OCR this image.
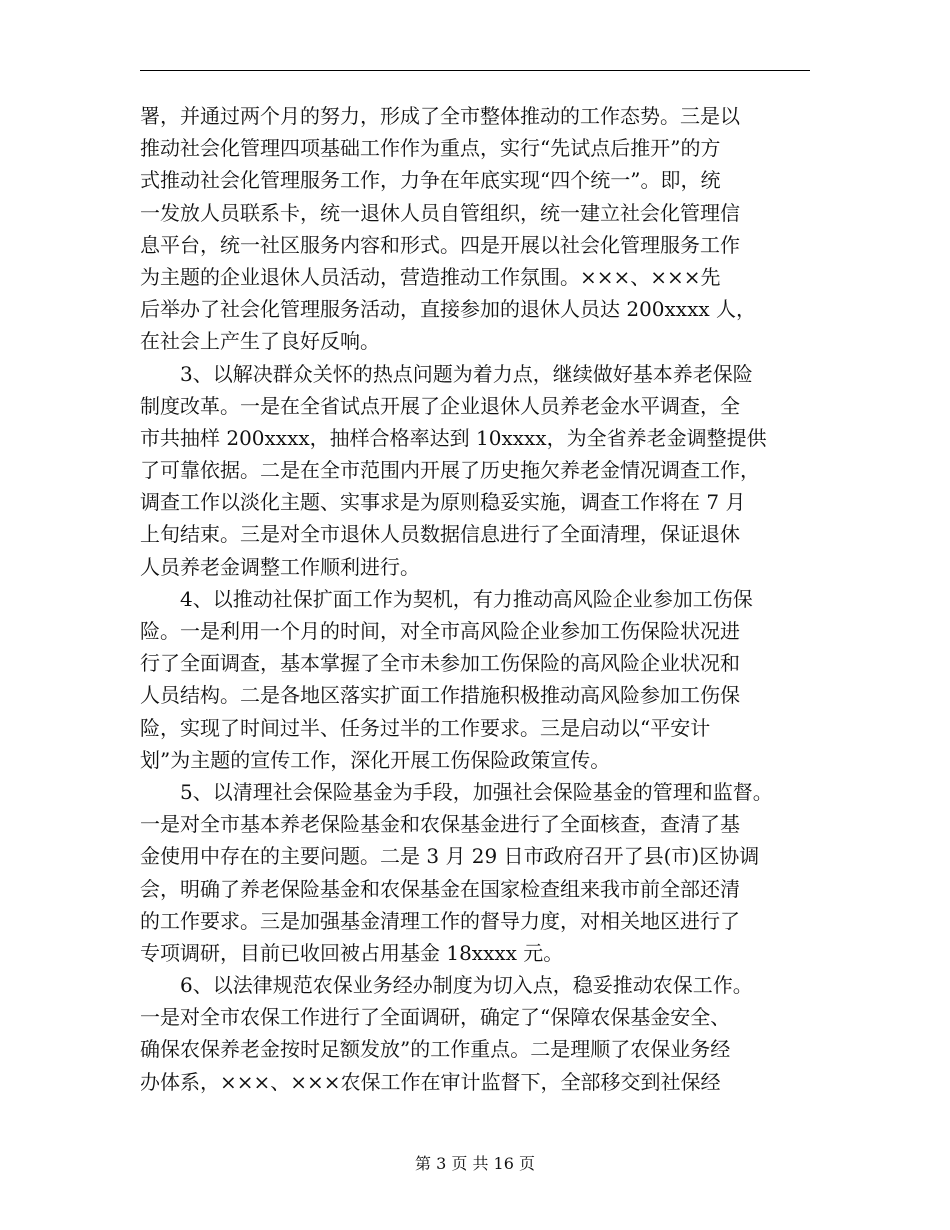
署，并通过两个月的努力，形成了全市整体推动的工作态势。三是以
推动社会化管理四项基础工作作为重点，实行“先试点后推开”的方
式推动社会化管理服务工作，力争在年底实现“四个统一”。即，统
一发放人员联系卡，统一退休人员自管组织，统一建立社会化管理信
息平台，统一社区服务内容和形式。四是开展以社会化管理服务工作
为主题的企业退休人员活动，营造推动工作氛围。×××、×××先
后举办了社会化管理服务活动，直接参加的退休人员达 200xxxx 人，
在社会上产生了良好反响。
3、以解决群众关怀的热点问题为着力点，继续做好基本养老保险
制度改革。一是在全省试点开展了企业退休人员养老金水平调查，全
市共抽样 200xxxx，抽样合格率达到 10xxxx，为全省养老金调整提供
了可靠依据。二是在全市范围内开展了历史拖欠养老金情况调查工作，
调查工作以淡化主题、实事求是为原则稳妥实施，调查工作将在 7 月
上旬结束。三是对全市退休人员数据信息进行了全面清理，保证退休
人员养老金调整工作顺利进行。
4、以推动社保扩面工作为契机，有力推动高风险企业参加工伤保
险。一是利用一个月的时间，对全市高风险企业参加工伤保险状况进
行了全面调查，基本掌握了全市未参加工伤保险的高风险企业状况和
人员结构。二是各地区落实扩面工作措施积极推动高风险参加工伤保
险，实现了时间过半、任务过半的工作要求。三是启动以“平安计
划”为主题的宣传工作，深化开展工伤保险政策宣传。
5、以清理社会保险基金为手段，加强社会保险基金的管理和监督。
一是对全市基本养老保险基金和农保基金进行了全面核查，查清了基
金使用中存在的主要问题。二是 3 月 29 日市政府召开了县(市)区协调
会，明确了养老保险基金和农保基金在国家检查组来我市前全部还清
的工作要求。三是加强基金清理工作的督导力度，对相关地区进行了
专项调研，目前已收回被占用基金 18xxxx 元。
6、以法律规范农保业务经办制度为切入点，稳妥推动农保工作。
一是对全市农保工作进行了全面调研，确定了“保障农保基金安全、
确保农保养老金按时足额发放”的工作重点。二是理顺了农保业务经
办体系，×××、×××农保工作在审计监督下，全部移交到社保经
第 3 页 共 16 页
